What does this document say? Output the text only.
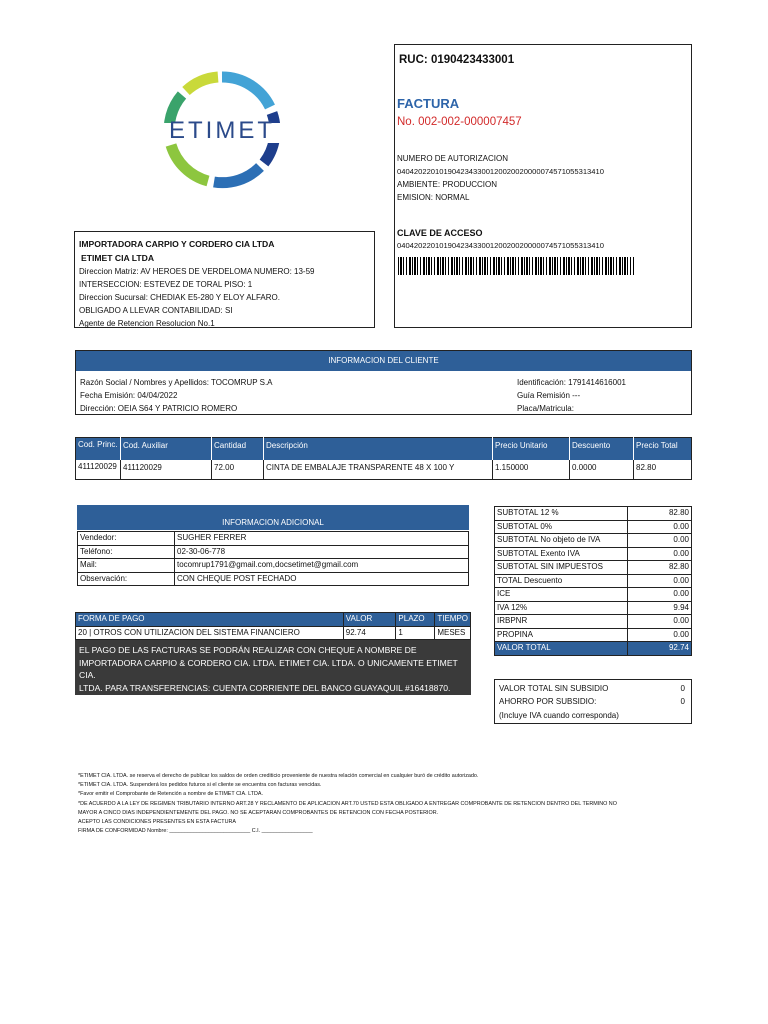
ETIMET
IMPORTADORA CARPIO Y CORDERO CIA LTDA
ETIMET CIA LTDA
Direccion Matriz: AV HEROES DE VERDELOMA NUMERO: 13-59
INTERSECCION: ESTEVEZ DE TORAL PISO: 1
Direccion Sucursal: CHEDIAK E5-280 Y ELOY ALFARO.
OBLIGADO A LLEVAR CONTABILIDAD: SI
Agente de Retencion Resolucion No.1
RUC: 0190423433001
FACTURA
No. 002-002-000007457
NUMERO DE AUTORIZACION
0404202201019042343300120020020000074571055313410
AMBIENTE: PRODUCCION
EMISION: NORMAL
CLAVE DE ACCESO
0404202201019042343300120020020000074571055313410
INFORMACION DEL CLIENTE
Razón Social / Nombres y Apellidos: TOCOMRUP S.A
Fecha Emisión: 04/04/2022
Dirección: OEIA S64 Y PATRICIO ROMERO
Identificación: 1791414616001
Guía Remisión ---
Placa/Matricula:
Cod. Princ.	Cod. Auxiliar	Cantidad	Descripción	Precio Unitario	Descuento	Precio Total
411120029	411120029	72.00	CINTA DE EMBALAJE TRANSPARENTE 48 X 100 Y	1.150000	0.0000	82.80
INFORMACION ADICIONAL
Vendedor:	SUGHER FERRER
Teléfono:	02-30-06-778
Mail:	tocomrup1791@gmail.com,docsetimet@gmail.com
Observación:	CON CHEQUE POST FECHADO
FORMA DE PAGO	VALOR	PLAZO	TIEMPO
20 | OTROS CON UTILIZACION DEL SISTEMA FINANCIERO	92.74	1	MESES
EL PAGO DE LAS FACTURAS SE PODRÁN REALIZAR CON CHEQUE A NOMBRE DE
IMPORTADORA CARPIO & CORDERO CIA. LTDA. ETIMET CIA. LTDA. O UNICAMENTE ETIMET CIA.
LTDA. PARA TRANSFERENCIAS: CUENTA CORRIENTE DEL BANCO GUAYAQUIL #16418870.
ENVIAR COMPROBANTE DE PAGO A contabilidad@etimet.com.ec
SUBTOTAL 12 %	82.80
SUBTOTAL 0%	0.00
SUBTOTAL No objeto de IVA	0.00
SUBTOTAL Exento IVA	0.00
SUBTOTAL SIN IMPUESTOS	82.80
TOTAL Descuento	0.00
ICE	0.00
IVA 12%	9.94
IRBPNR	0.00
PROPINA	0.00
VALOR TOTAL	92.74
VALOR TOTAL SIN SUBSIDIO	0
AHORRO POR SUBSIDIO:	0
(Incluye IVA cuando corresponda)
*ETIMET CIA. LTDA. se reserva el derecho de publicar los saldos de orden crediticio proveniente de nuestra relación comercial en cualquier buró de crédito autorizado.
*ETIMET CIA. LTDA. Suspenderá los pedidos futuros si el cliente se encuentra con facturas vencidas.
*Favor emitir el Comprobante de Retención a nombre de ETIMET CIA. LTDA.
*DE ACUERDO A LA LEY DE REGIMEN TRIBUTARIO INTERNO ART.28 Y RECLAMENTO DE APLICACION ART.70 USTED ESTA OBLIGADO A ENTREGAR COMPROBANTE DE RETENCION DENTRO DEL TERMINO NO
MAYOR A CINCO DIAS INDEPENDIENTEMENTE DEL PAGO. NO SE ACEPTARAN COMPROBANTES DE RETENCION CON FECHA POSTERIOR.
ACEPTO LAS CONDICIONES PRESENTES EN ESTA FACTURA
FIRMA DE CONFORMIDAD Nombre: ___________________________ C.I. _________________
